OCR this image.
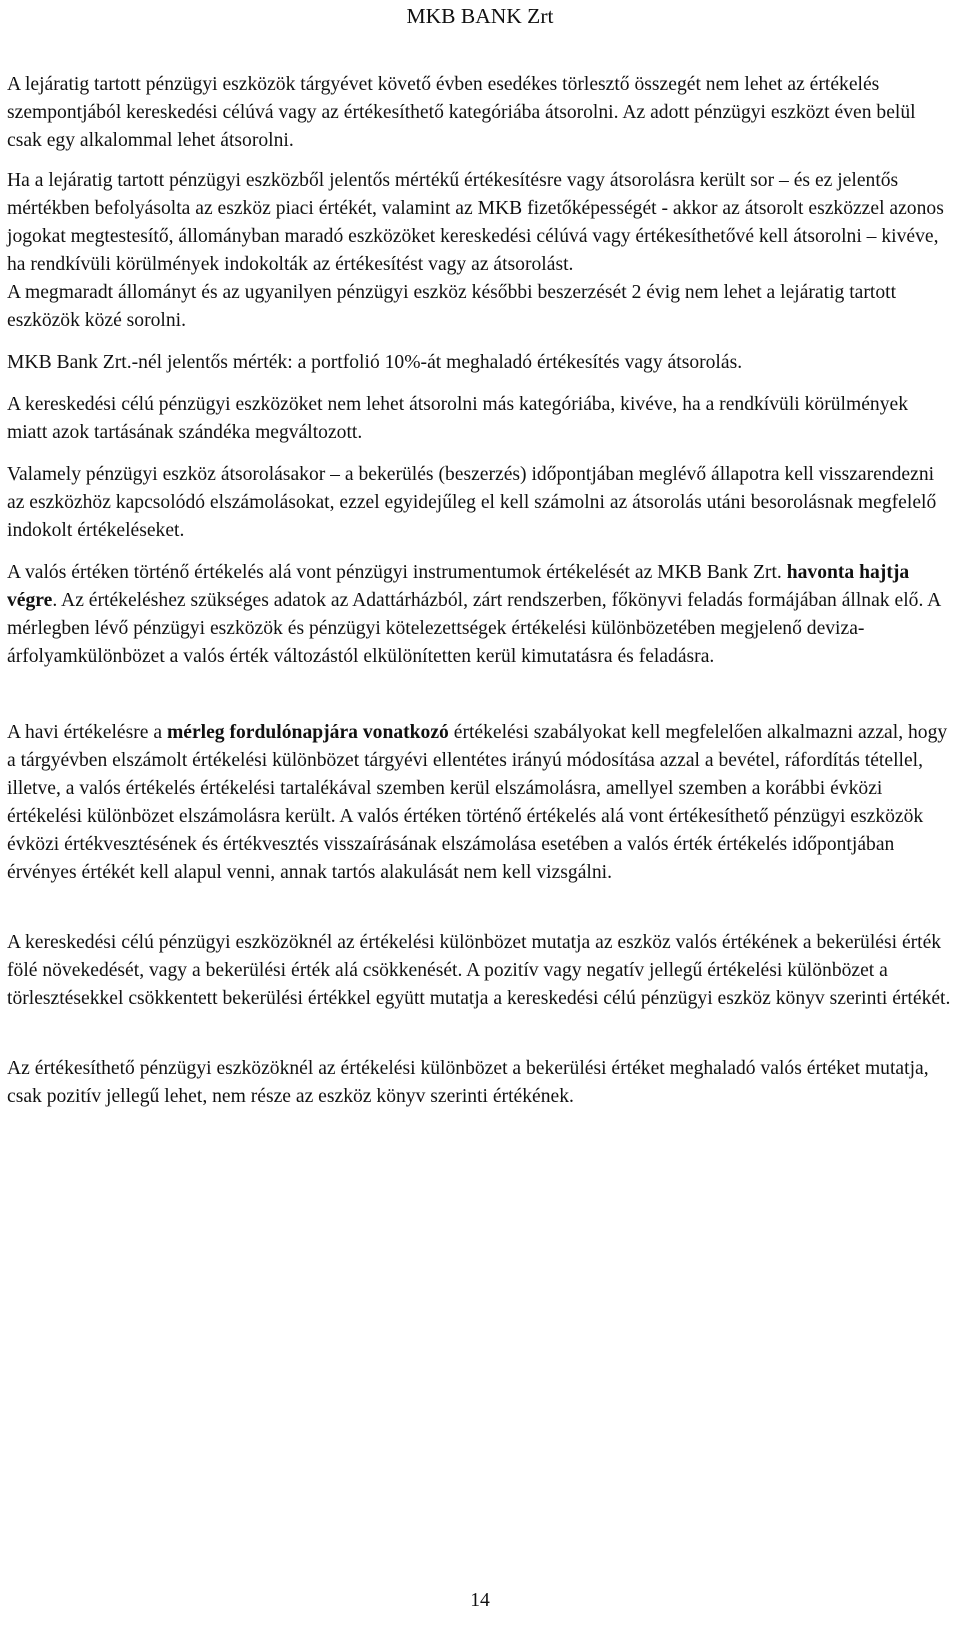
MKB BANK Zrt

A lejáratig tartott pénzügyi eszközök tárgyévet követő évben esedékes törlesztő összegét nem lehet az értékelés szempontjából kereskedési célúvá vagy az értékesíthető kategóriába átsorolni. Az adott pénzügyi eszközt éven belül csak egy alkalommal lehet átsorolni.

Ha a lejáratig tartott pénzügyi eszközből jelentős mértékű értékesítésre vagy átsorolásra került sor – és ez jelentős mértékben befolyásolta az eszköz piaci értékét, valamint az MKB fizetőképességét - akkor az átsorolt eszközzel azonos jogokat megtestesítő, állományban maradó eszközöket kereskedési célúvá vagy értékesíthetővé kell átsorolni – kivéve, ha rendkívüli körülmények indokolták az értékesítést vagy az átsorolást.

A megmaradt állományt és az ugyanilyen pénzügyi eszköz későbbi beszerzését 2 évig nem lehet a lejáratig tartott eszközök közé sorolni.

MKB Bank Zrt.-nél jelentős mérték: a portfolió 10%-át meghaladó értékesítés vagy átsorolás.

A kereskedési célú pénzügyi eszközöket nem lehet átsorolni más kategóriába, kivéve, ha a rendkívüli körülmények miatt azok tartásának szándéka megváltozott.

Valamely pénzügyi eszköz átsorolásakor – a bekerülés (beszerzés) időpontjában meglévő állapotra kell visszarendezni az eszközhöz kapcsolódó elszámolásokat, ezzel egyidejűleg el kell számolni az átsorolás utáni besorolásnak megfelelő indokolt értékeléseket.

A valós értéken történő értékelés alá vont pénzügyi instrumentumok értékelését az MKB Bank Zrt. havonta hajtja végre. Az értékeléshez szükséges adatok az Adattárházból, zárt rendszerben, főkönyvi feladás formájában állnak elő. A mérlegben lévő pénzügyi eszközök és pénzügyi kötelezettségek értékelési különbözetében megjelenő deviza-árfolyamkülönbözet a valós érték változástól elkülönítetten kerül kimutatásra és feladásra.

A havi értékelésre a mérleg fordulónapjára vonatkozó értékelési szabályokat kell megfelelően alkalmazni azzal, hogy a tárgyévben elszámolt értékelési különbözet tárgyévi ellentétes irányú módosítása azzal a bevétel, ráfordítás tétellel, illetve, a valós értékelés értékelési tartalékával szemben kerül elszámolásra, amellyel szemben a korábbi évközi értékelési különbözet elszámolásra került. A valós értéken történő értékelés alá vont értékesíthető pénzügyi eszközök évközi értékvesztésének és értékvesztés visszaírásának elszámolása esetében a valós érték értékelés időpontjában érvényes értékét kell alapul venni, annak tartós alakulását nem kell vizsgálni.

A kereskedési célú pénzügyi eszközöknél az értékelési különbözet mutatja az eszköz valós értékének a bekerülési érték fölé növekedését, vagy a bekerülési érték alá csökkenését. A pozitív vagy negatív jellegű értékelési különbözet a törlesztésekkel csökkentett bekerülési értékkel együtt mutatja a kereskedési célú pénzügyi eszköz könyv szerinti értékét.

Az értékesíthető pénzügyi eszközöknél az értékelési különbözet a bekerülési értéket meghaladó valós értéket mutatja, csak pozitív jellegű lehet, nem része az eszköz könyv szerinti értékének.

14
